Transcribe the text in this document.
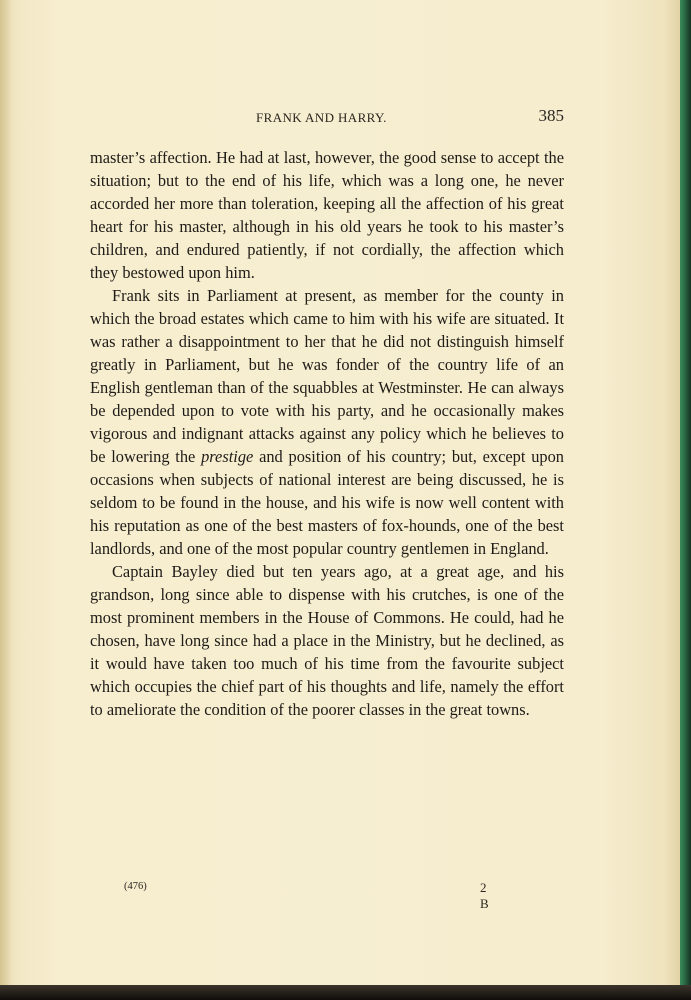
FRANK AND HARRY.	385

master’s affection. He had at last, however, the good sense to accept the situation; but to the end of his life, which was a long one, he never accorded her more than toleration, keeping all the affection of his great heart for his master, although in his old years he took to his master’s children, and endured patiently, if not cordially, the affection which they bestowed upon him.

Frank sits in Parliament at present, as member for the county in which the broad estates which came to him with his wife are situated. It was rather a disappointment to her that he did not distinguish himself greatly in Parliament, but he was fonder of the country life of an English gentleman than of the squabbles at Westminster. He can always be depended upon to vote with his party, and he occasionally makes vigorous and indignant attacks against any policy which he believes to be lowering the prestige and position of his country; but, except upon occasions when subjects of national interest are being discussed, he is seldom to be found in the house, and his wife is now well content with his reputation as one of the best masters of fox-hounds, one of the best landlords, and one of the most popular country gentlemen in England.

Captain Bayley died but ten years ago, at a great age, and his grandson, long since able to dispense with his crutches, is one of the most prominent members in the House of Commons. He could, had he chosen, have long since had a place in the Ministry, but he declined, as it would have taken too much of his time from the favourite subject which occupies the chief part of his thoughts and life, namely the effort to ameliorate the condition of the poorer classes in the great towns.

(476)	2 B
